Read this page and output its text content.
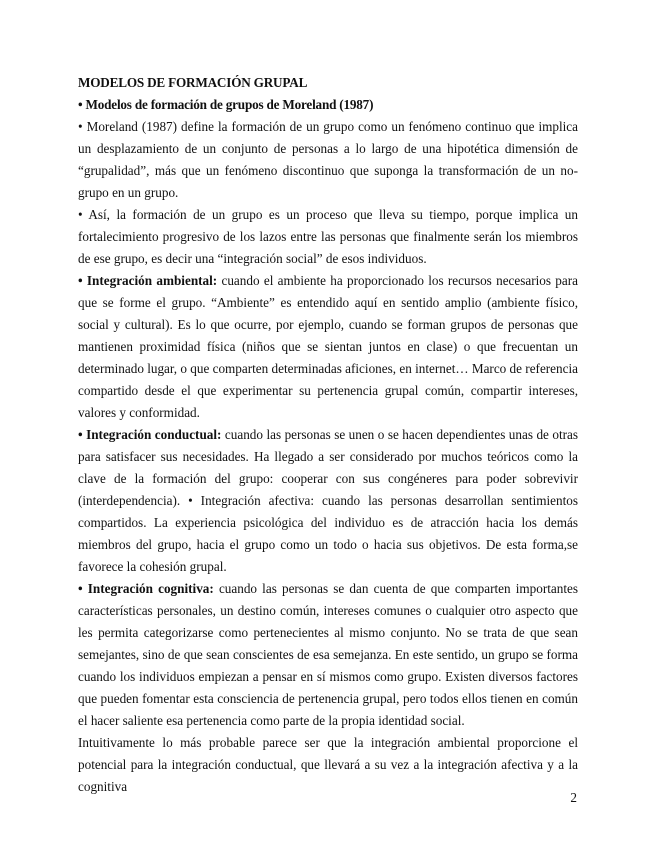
MODELOS DE FORMACIÓN GRUPAL

• Modelos de formación de grupos de Moreland (1987)

• Moreland (1987) define la formación de un grupo como un fenómeno continuo que implica un desplazamiento de un conjunto de personas a lo largo de una hipotética dimensión de “grupalidad”, más que un fenómeno discontinuo que suponga la transformación de un no-grupo en un grupo.

• Así, la formación de un grupo es un proceso que lleva su tiempo, porque implica un fortalecimiento progresivo de los lazos entre las personas que finalmente serán los miembros de ese grupo, es decir una “integración social” de esos individuos.

• Integración ambiental: cuando el ambiente ha proporcionado los recursos necesarios para que se forme el grupo. “Ambiente” es entendido aquí en sentido amplio (ambiente físico, social y cultural). Es lo que ocurre, por ejemplo, cuando se forman grupos de personas que mantienen proximidad física (niños que se sientan juntos en clase) o que frecuentan un determinado lugar, o que comparten determinadas aficiones, en internet… Marco de referencia compartido desde el que experimentar su pertenencia grupal común, compartir intereses, valores y conformidad.

• Integración conductual: cuando las personas se unen o se hacen dependientes unas de otras para satisfacer sus necesidades. Ha llegado a ser considerado por muchos teóricos como la clave de la formación del grupo: cooperar con sus congéneres para poder sobrevivir (interdependencia). • Integración afectiva: cuando las personas desarrollan sentimientos compartidos. La experiencia psicológica del individuo es de atracción hacia los demás miembros del grupo, hacia el grupo como un todo o hacia sus objetivos. De esta forma,se favorece la cohesión grupal.

• Integración cognitiva: cuando las personas se dan cuenta de que comparten importantes características personales, un destino común, intereses comunes o cualquier otro aspecto que les permita categorizarse como pertenecientes al mismo conjunto. No se trata de que sean semejantes, sino de que sean conscientes de esa semejanza. En este sentido, un grupo se forma cuando los individuos empiezan a pensar en sí mismos como grupo. Existen diversos factores que pueden fomentar esta consciencia de pertenencia grupal, pero todos ellos tienen en común el hacer saliente esa pertenencia como parte de la propia identidad social.

Intuitivamente lo más probable parece ser que la integración ambiental proporcione el potencial para la integración conductual, que llevará a su vez a la integración afectiva y a la cognitiva

2
